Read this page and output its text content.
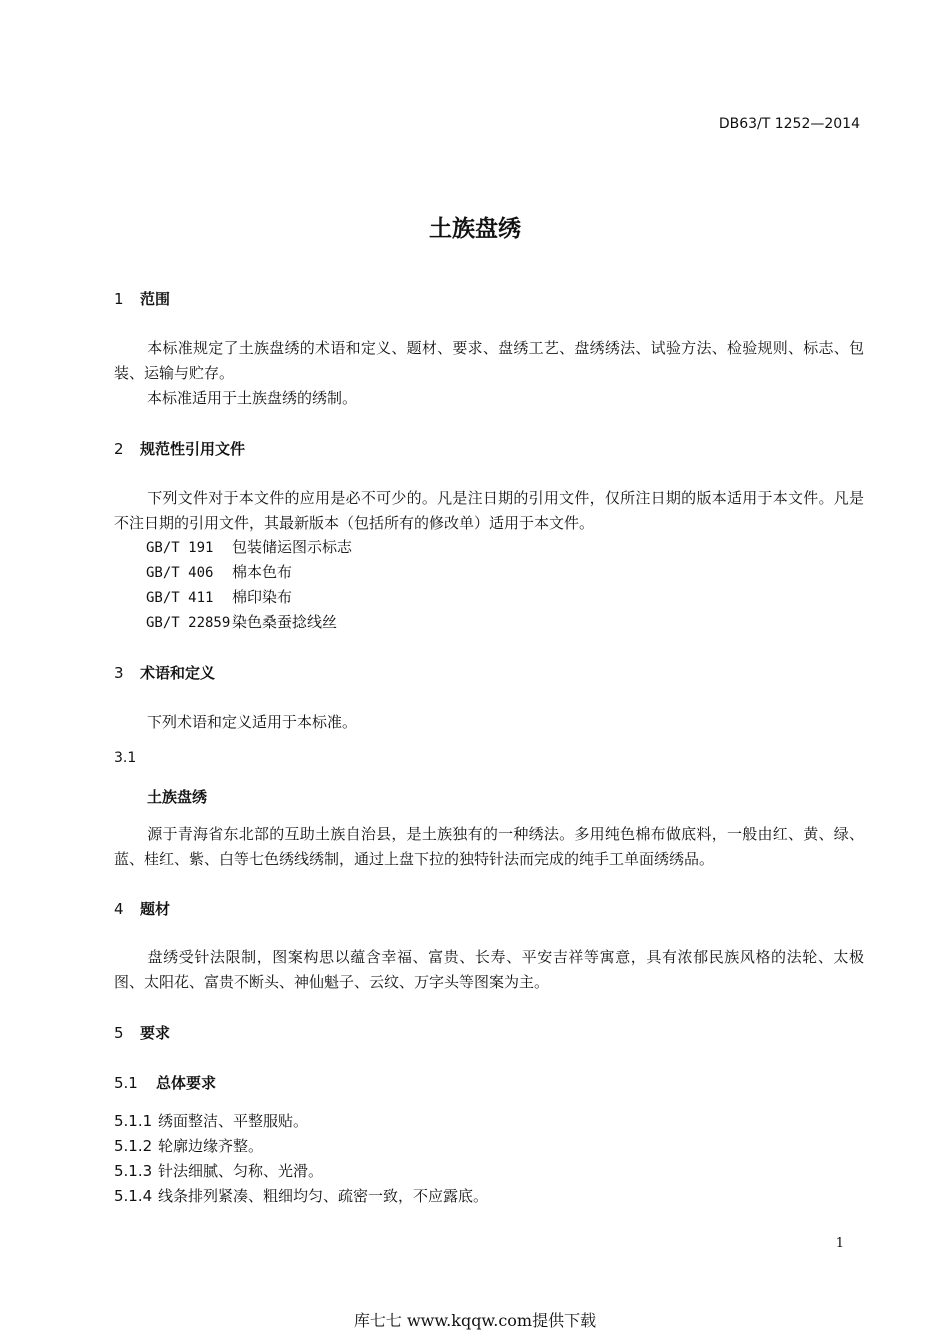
DB63/T 1252—2014
土族盘绣
1 范围
本标准规定了土族盘绣的术语和定义、题材、要求、盘绣工艺、盘绣绣法、试验方法、检验规则、标志、包装、运输与贮存。
本标准适用于土族盘绣的绣制。
2 规范性引用文件
下列文件对于本文件的应用是必不可少的。凡是注日期的引用文件，仅所注日期的版本适用于本文件。凡是不注日期的引用文件，其最新版本（包括所有的修改单）适用于本文件。
GB/T 191 包装储运图示标志
GB/T 406 棉本色布
GB/T 411 棉印染布
GB/T 22859 染色桑蚕捻线丝
3 术语和定义
下列术语和定义适用于本标准。
3.1
土族盘绣
源于青海省东北部的互助土族自治县，是土族独有的一种绣法。多用纯色棉布做底料，一般由红、黄、绿、蓝、桂红、紫、白等七色绣线绣制，通过上盘下拉的独特针法而完成的纯手工单面绣绣品。
4 题材
盘绣受针法限制，图案构思以蕴含幸福、富贵、长寿、平安吉祥等寓意，具有浓郁民族风格的法轮、太极图、太阳花、富贵不断头、神仙魁子、云纹、万字头等图案为主。
5 要求
5.1 总体要求
5.1.1 绣面整洁、平整服贴。
5.1.2 轮廓边缘齐整。
5.1.3 针法细腻、匀称、光滑。
5.1.4 线条排列紧凑、粗细均匀、疏密一致，不应露底。
1
库七七 www.kqqw.com提供下载
